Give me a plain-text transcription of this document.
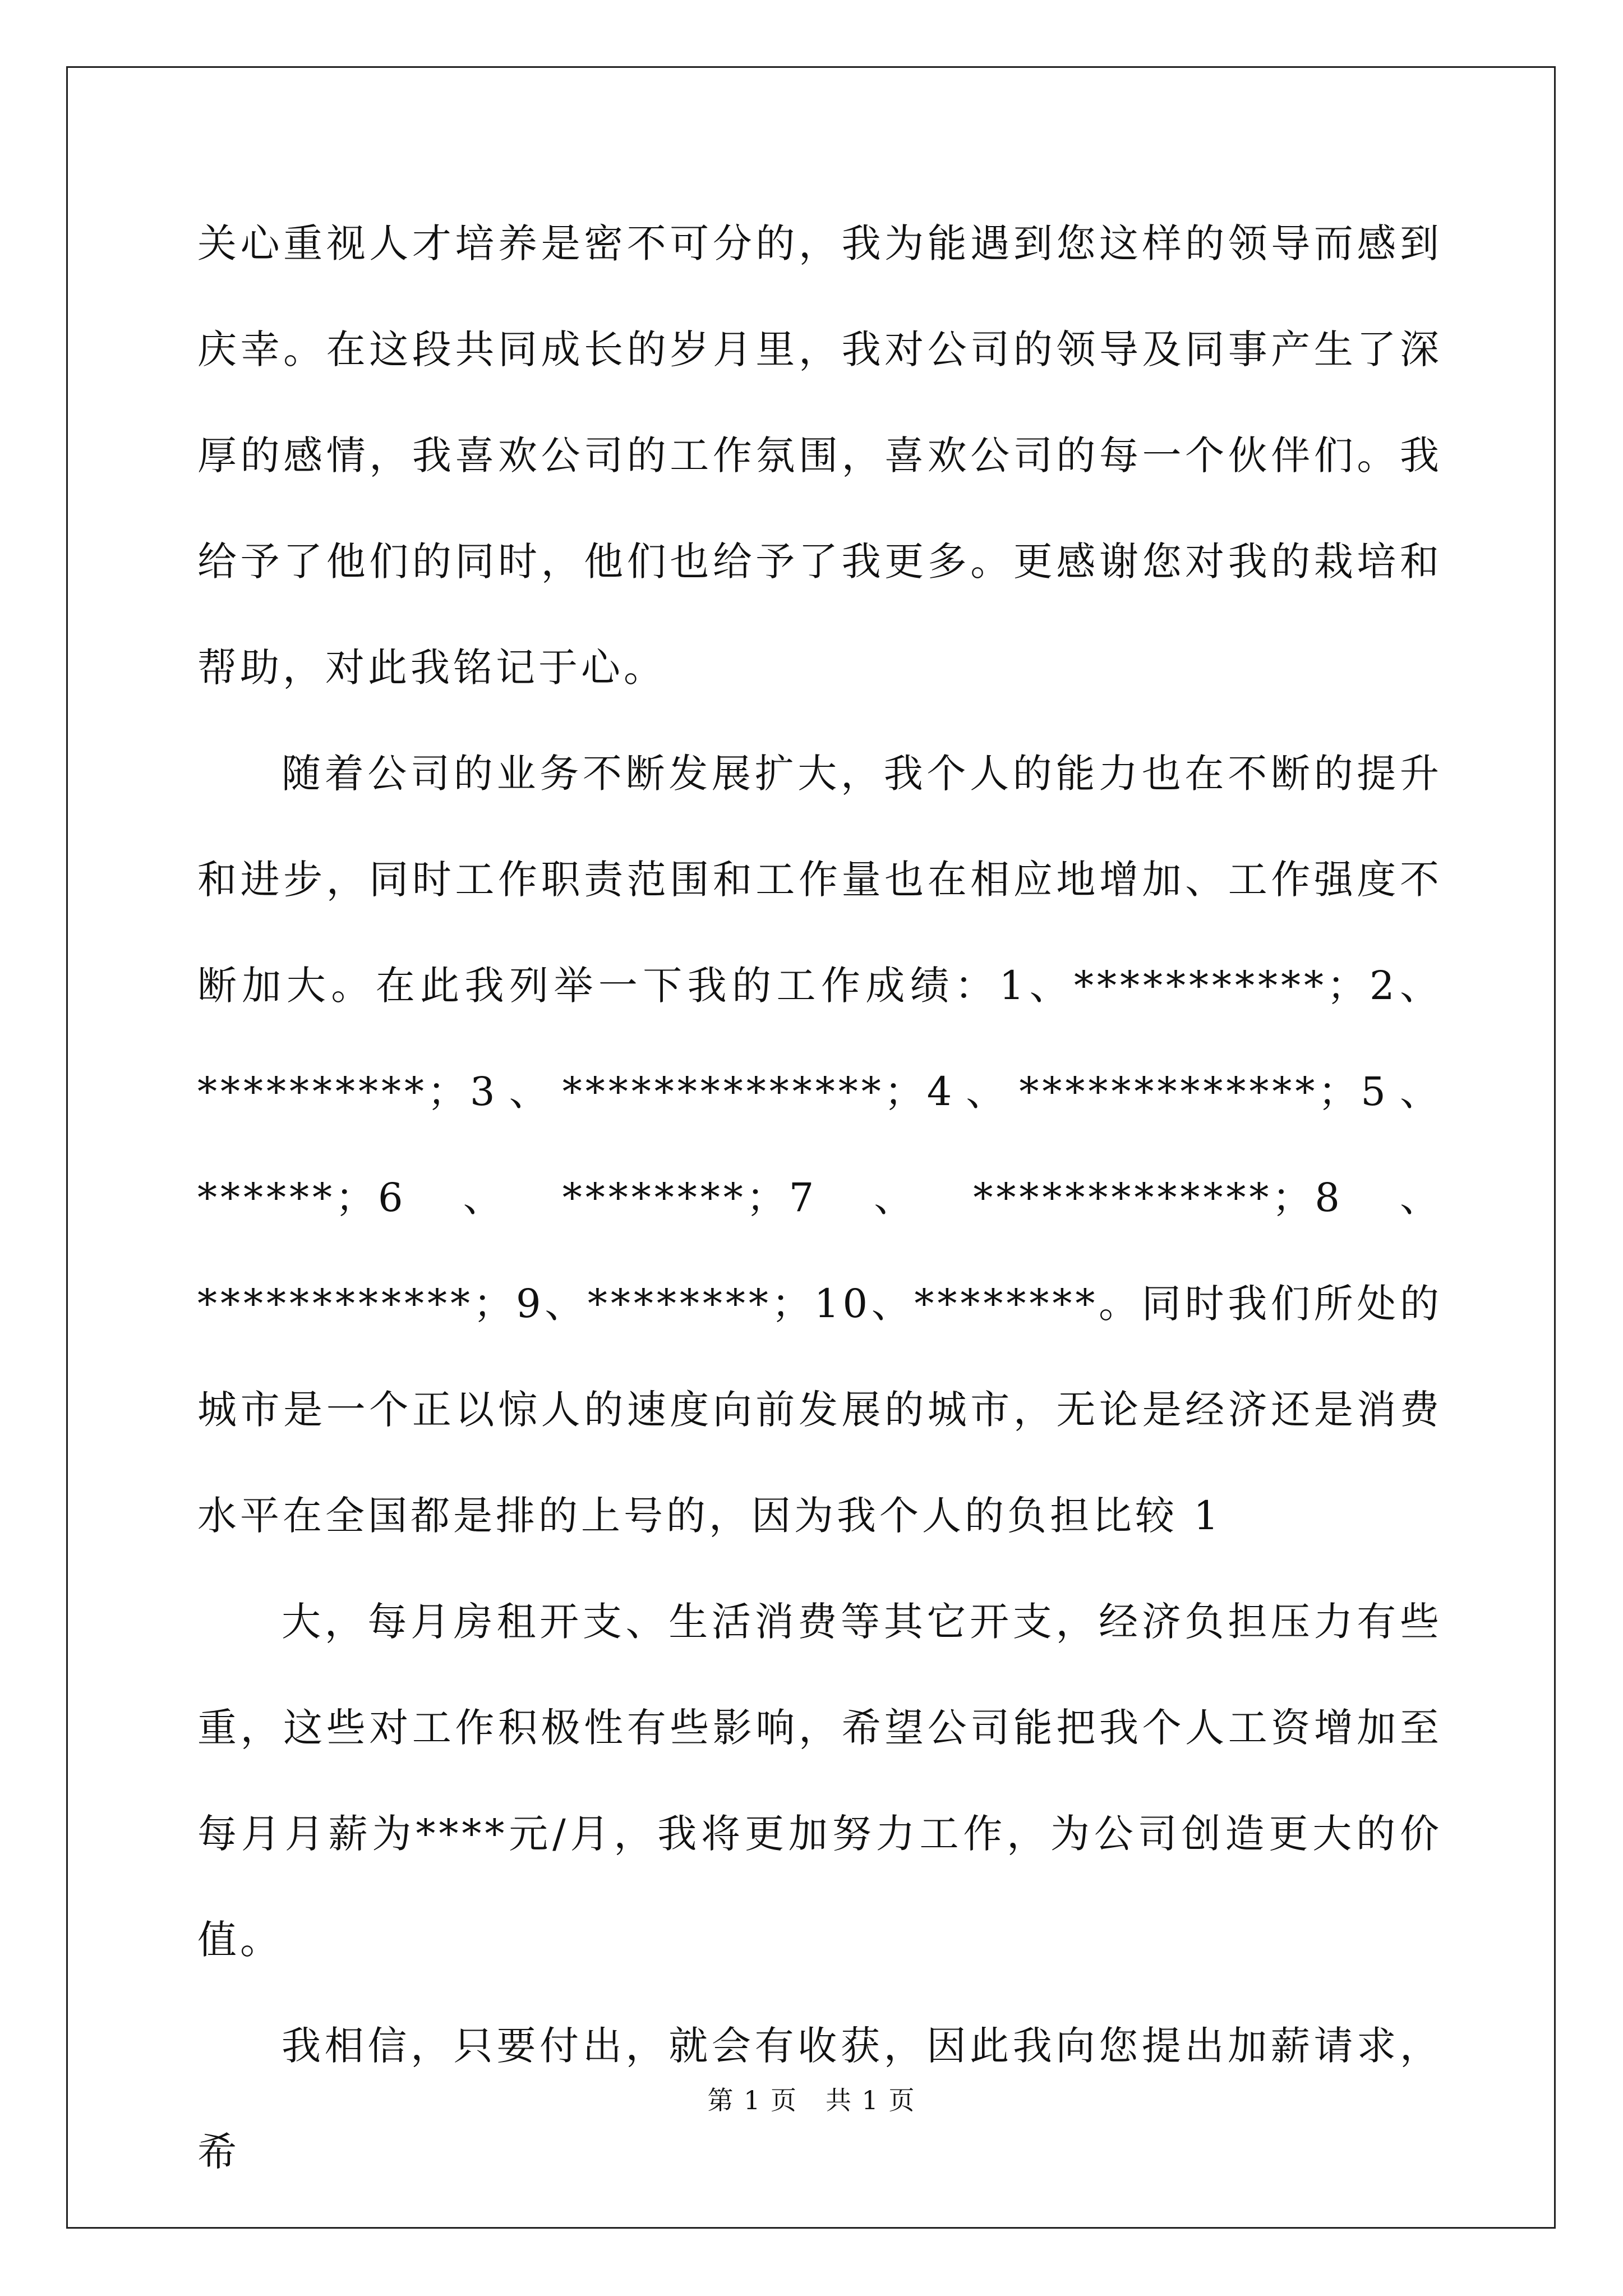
关心重视人才培养是密不可分的，我为能遇到您这样的领导而感到庆幸。在这段共同成长的岁月里，我对公司的领导及同事产生了深厚的感情，我喜欢公司的工作氛围，喜欢公司的每一个伙伴们。我给予了他们的同时，他们也给予了我更多。更感谢您对我的栽培和帮助，对此我铭记于心。

随着公司的业务不断发展扩大，我个人的能力也在不断的提升和进步，同时工作职责范围和工作量也在相应地增加、工作强度不断加大。在此我列举一下我的工作成绩：1、***********；2、**********；3、**************；4、*************；5、******；6、********；7、*************；8、************；9、********；10、********。同时我们所处的城市是一个正以惊人的速度向前发展的城市，无论是经济还是消费水平在全国都是排的上号的，因为我个人的负担比较 1

大，每月房租开支、生活消费等其它开支，经济负担压力有些重，这些对工作积极性有些影响，希望公司能把我个人工资增加至每月月薪为****元/月，我将更加努力工作，为公司创造更大的价值。

我相信，只要付出，就会有收获，因此我向您提出加薪请求，希

第 1 页 共 1 页
